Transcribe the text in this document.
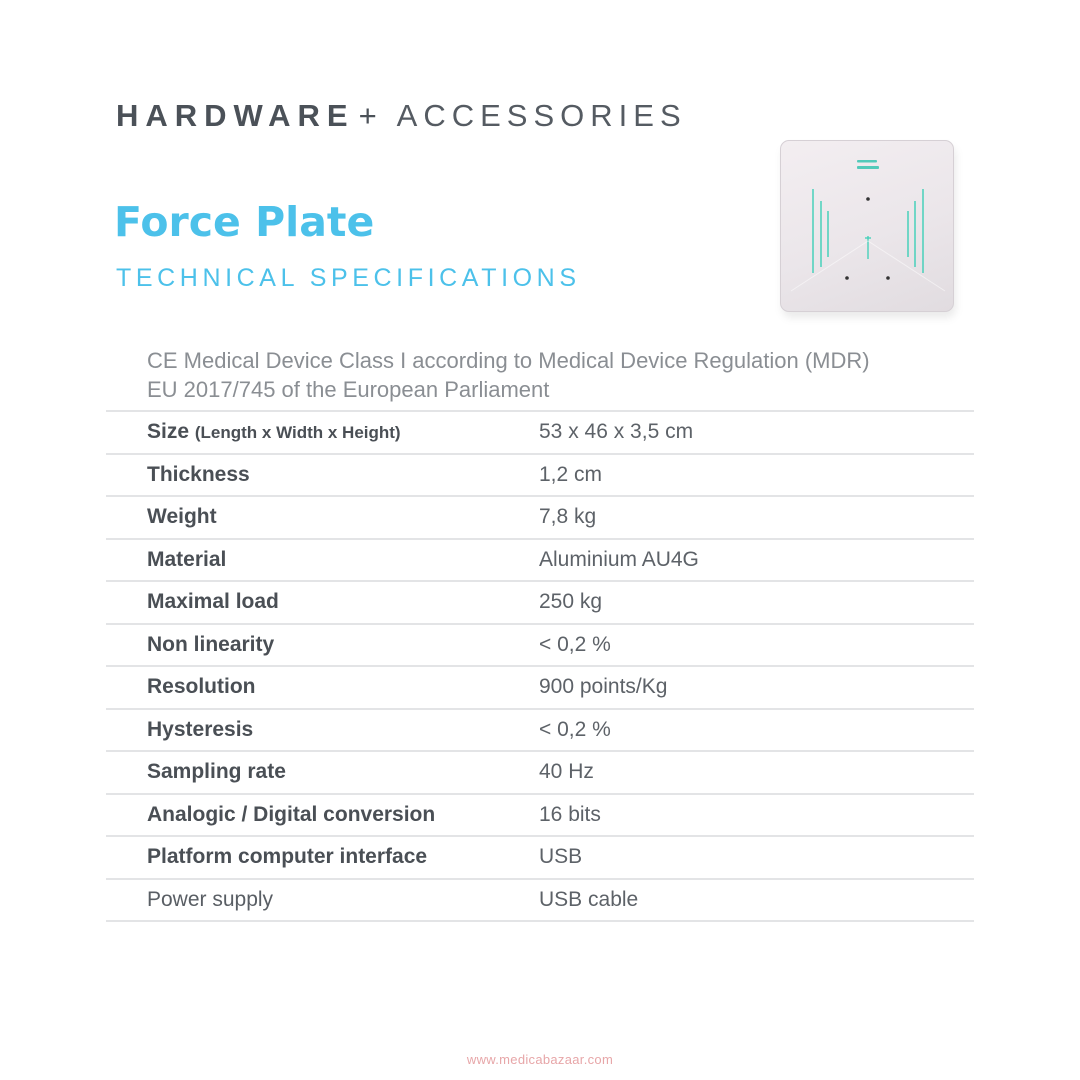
HARDWARE + ACCESSORIES
Force Plate
TECHNICAL SPECIFICATIONS
CE Medical Device Class I according to Medical Device Regulation (MDR)
EU 2017/745 of the European Parliament
Size (Length x Width x Height)	53 x 46 x 3,5 cm
Thickness	1,2 cm
Weight	7,8 kg
Material	Aluminium AU4G
Maximal load	250 kg
Non linearity	< 0,2 %
Resolution	900 points/Kg
Hysteresis	< 0,2 %
Sampling rate	40 Hz
Analogic / Digital conversion	16 bits
Platform computer interface	USB
Power supply	USB cable
www.medicabazaar.com
